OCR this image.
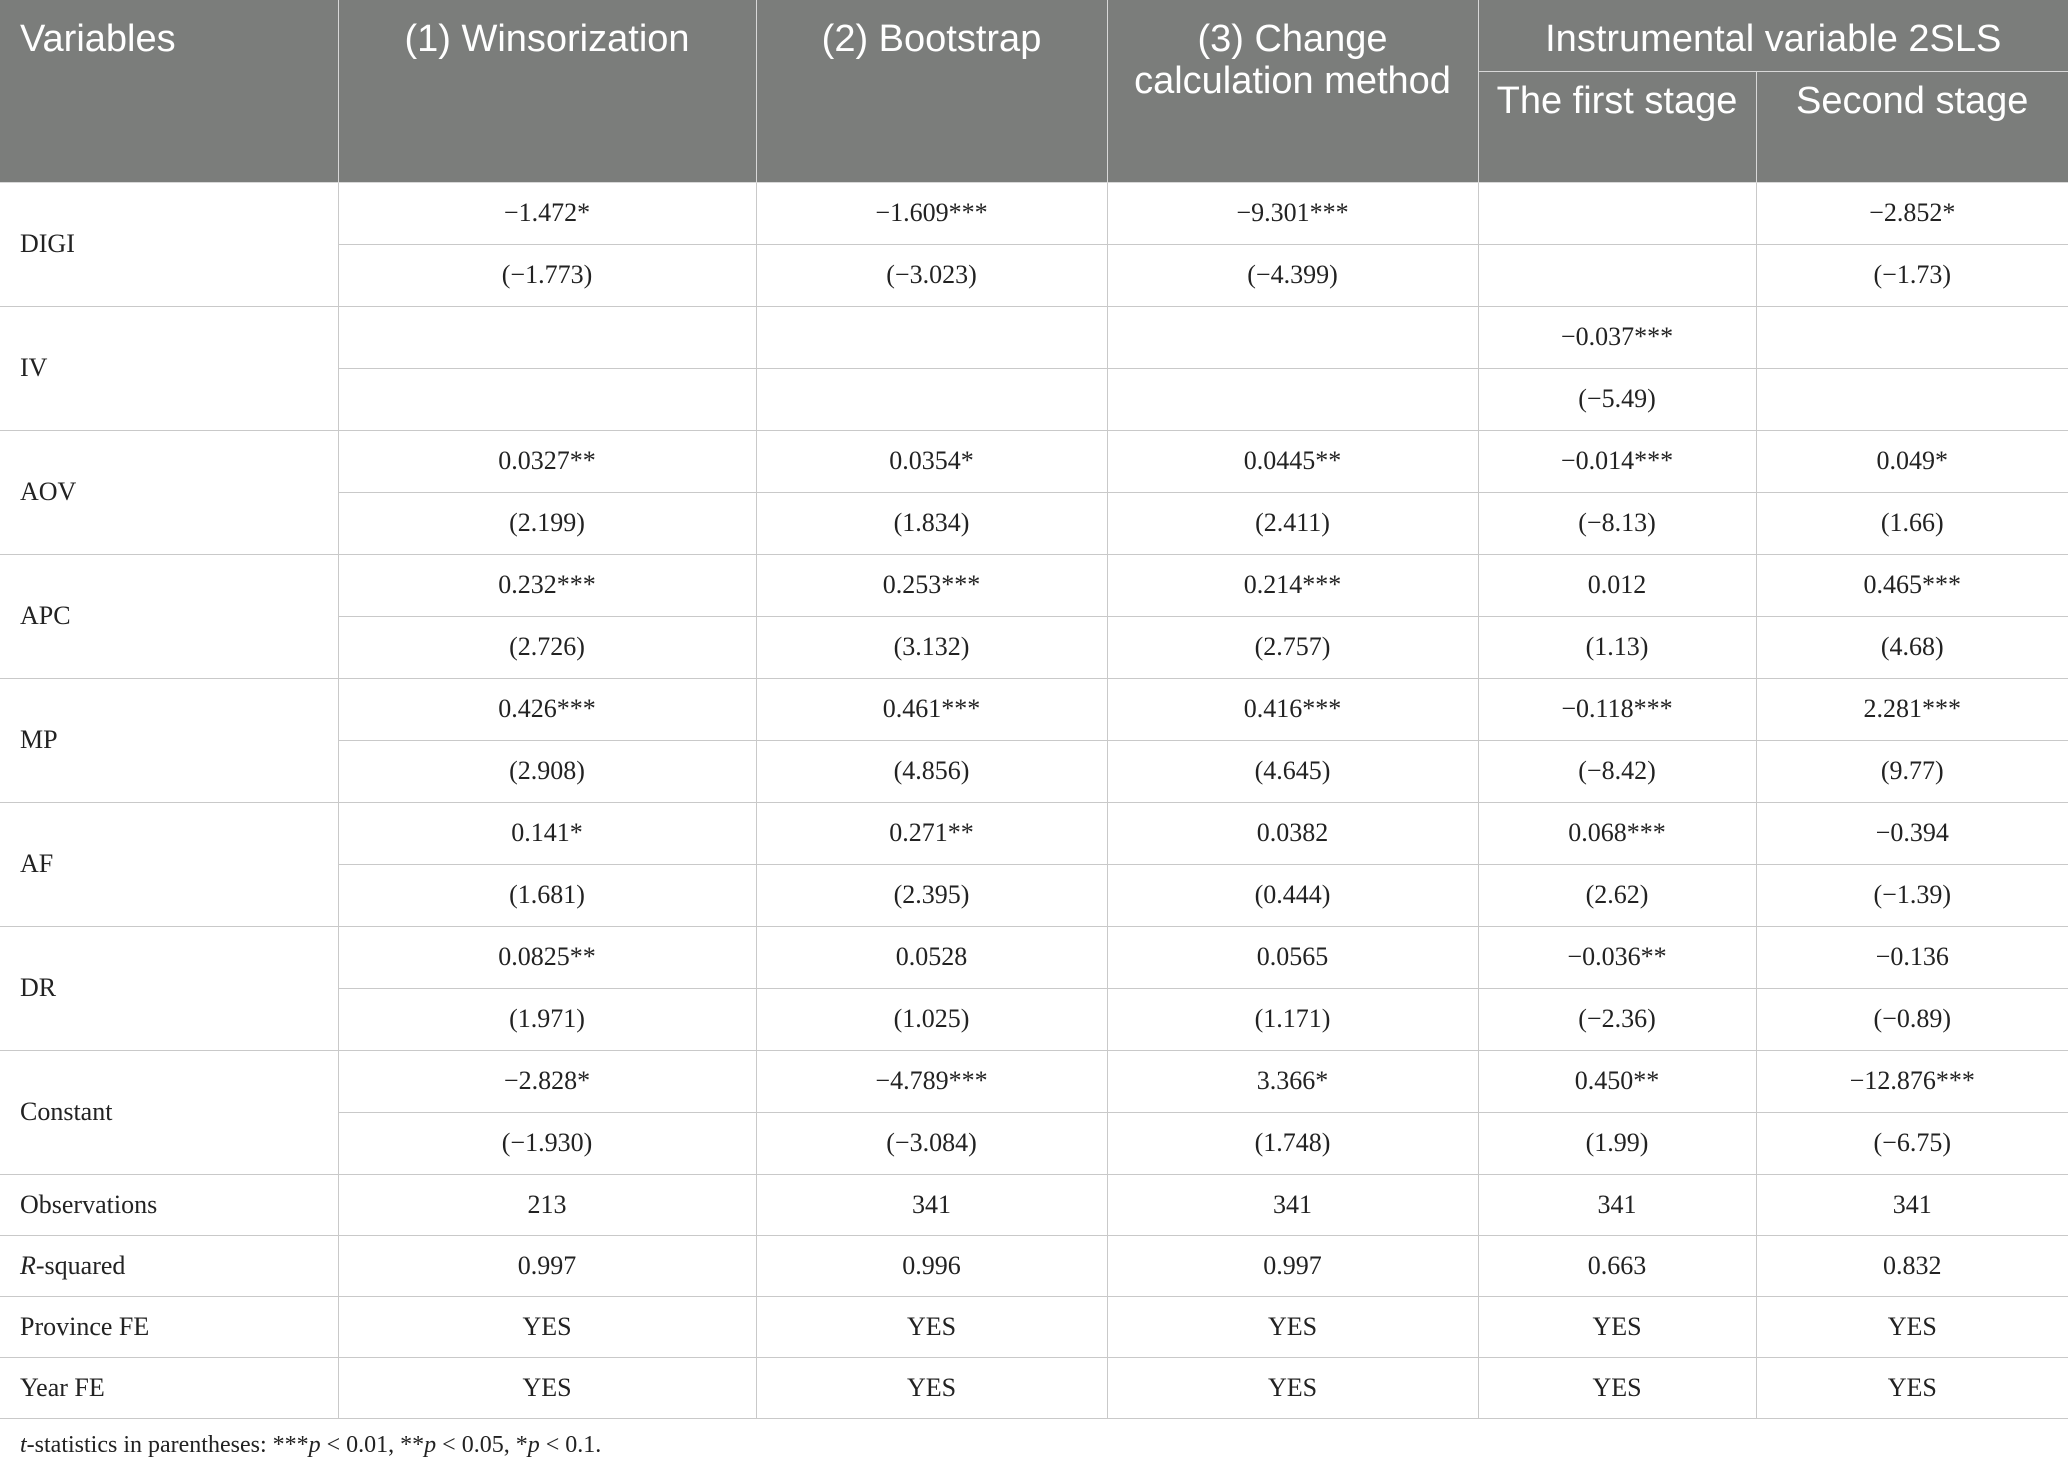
Variables	(1) Winsorization	(2) Bootstrap	(3) Change calculation method	Instrumental variable 2SLS	
				The first stage	Second stage
DIGI	−1.472*	−1.609***	−9.301***		−2.852*
	(−1.773)	(−3.023)	(−4.399)		(−1.73)
IV				−0.037***	
				(−5.49)	
AOV	0.0327**	0.0354*	0.0445**	−0.014***	0.049*
	(2.199)	(1.834)	(2.411)	(−8.13)	(1.66)
APC	0.232***	0.253***	0.214***	0.012	0.465***
	(2.726)	(3.132)	(2.757)	(1.13)	(4.68)
MP	0.426***	0.461***	0.416***	−0.118***	2.281***
	(2.908)	(4.856)	(4.645)	(−8.42)	(9.77)
AF	0.141*	0.271**	0.0382	0.068***	−0.394
	(1.681)	(2.395)	(0.444)	(2.62)	(−1.39)
DR	0.0825**	0.0528	0.0565	−0.036**	−0.136
	(1.971)	(1.025)	(1.171)	(−2.36)	(−0.89)
Constant	−2.828*	−4.789***	3.366*	0.450**	−12.876***
	(−1.930)	(−3.084)	(1.748)	(1.99)	(−6.75)
Observations	213	341	341	341	341
R-squared	0.997	0.996	0.997	0.663	0.832
Province FE	YES	YES	YES	YES	YES
Year FE	YES	YES	YES	YES	YES
t-statistics in parentheses: ***p < 0.01, **p < 0.05, *p < 0.1.
